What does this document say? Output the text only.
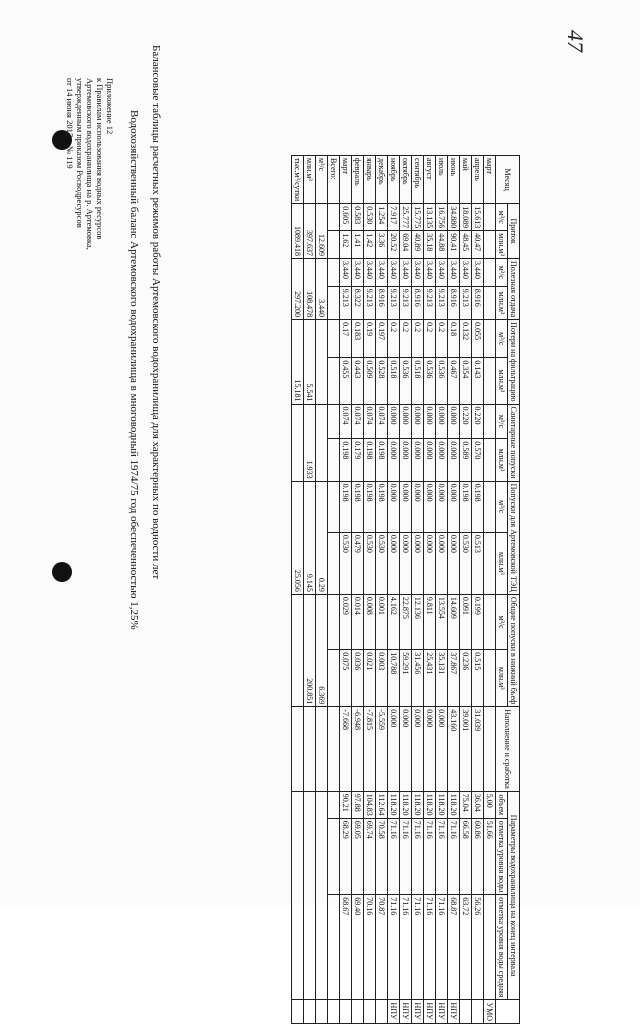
47
Приложение 12
к Правилам использования водных ресурсов
Артемовского водохранилища на р. Артемовка,
утвержденным приказом Росводресурсов
от 14 июня 2017 г. № 119	Балансовые таблицы расчетных режимов работы Артемовского водохранилища для характерных по водности лет
Водохозяйственный баланс Артемовского водохранилища в многоводный 1974/75 год обеспеченностью 1,25%	Месяц	Приток		Полезная отдача		Потери на фильтрацию		Санитарные попуски		Попуски для Артемовской ТЭЦ		Общие попуски в нижний бьеф		Наполнение и сработка	Параметры водохранилища на конец интервала			
	м³/с	млн.м³	м³/с	млн.м³	м³/с	млн.м³	м³/с	млн.м³	м³/с	млн.м³	м³/с	млн.м³		объем	отметка уровня воды	отметка уровня воды средняя	
март														5.00	51.66		УМО
апрель	15.613	40.47	3.440	8.916	0.055	0.143	0.220	0.570	0.198	0.513	0.199	0.515	31.039	36.04	60.86	56.26	
май	18.089	48.45	3.440	9.213	0.132	0.354	0.220	0.589	0.198	0.530	0.091	0.236	39.001	75.04	66.58	63.72	
июнь	34.880	90.41	3.440	8.916	0.18	0.467	0.000	0.000	0.000	0.000	14.609	37.867	43.160	118.20	71.16	68.87	НПУ
июль	16.756	44.88	3.440	9.213	0.2	0.536	0.000	0.000	0.000	0.000	13.554	35.131	0.000	118.20	71.16	71.16	НПУ
август	13.135	35.18	3.440	9.213	0.2	0.536	0.000	0.000	0.000	0.000	9.811	25.431	0.000	118.20	71.16	71.16	НПУ
сентябрь	15.775	40.89	3.440	8.916	0.2	0.518	0.000	0.000	0.000	0.000	12.136	31.456	0.000	118.20	71.16	71.16	НПУ
октябрь	25.777	69.04	3.440	9.213	0.2	0.536	0.000	0.000	0.000	0.000	22.875	59.291	0.000	118.20	71.16	71.16	НПУ
ноябрь	7.917	20.52	3.440	9.213	0.2	0.518	0.000	0.000	0.000	0.000	4.162	10.788	0.000	118.20	71.16	71.16	НПУ
декабрь	1.254	3.36	3.440	8.916	0.197	0.528	0.074	0.198	0.198	0.530	0.001	0.003	-5.559	112.64	70.58	70.87	
январь	0.530	1.42	3.440	9.213	0.19	0.509	0.074	0.198	0.198	0.530	0.008	0.021	-7.815	104.83	69.74	70.16	
февраль	0.583	1.41	3.440	8.322	0.183	0.443	0.074	0.179	0.198	0.479	0.014	0.036	-6.948	97.88	69.05	69.40	
март	0.605	1.62	3.440	9.213	0.17	0.455	0.074	0.198	0.198	0.530	0.029	0.075	-7.668	90.21	68.29	68.67	
Всего:																	
м³/с	12.609		3.440						0.29		6.369						
млн.м³	397.637		108.478		5.541		1.933		9.145		200.851						
тыс.м³/сутки	1089.418		297.200		15.181				25.056								
